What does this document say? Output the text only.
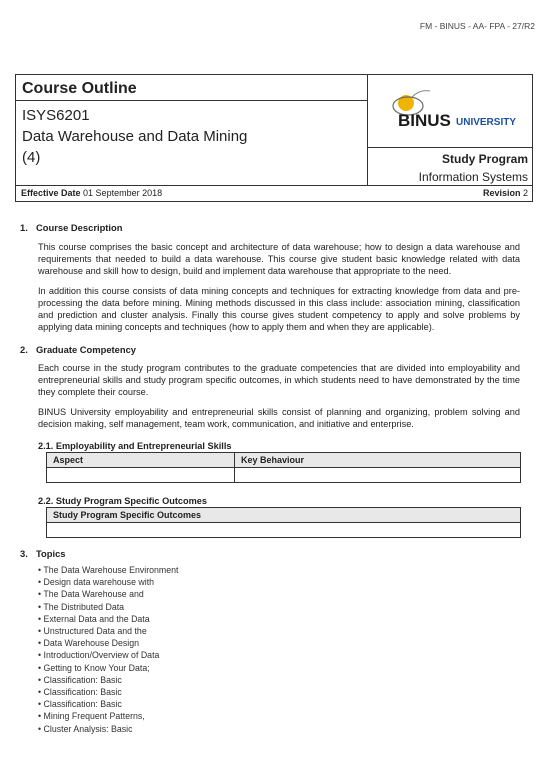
FM - BINUS - AA- FPA - 27/R2
Course Outline
ISYS6201
Data Warehouse and Data Mining
(4)
BINUS UNIVERSITY
Study Program
Information Systems
Effective Date 01 September 2018	Revision 2
1. Course Description

This course comprises the basic concept and architecture of data warehouse; how to design a data warehouse and requirements that needed to build a data warehouse. This course give student basic knowledge related with data warehouse and skill how to design, build and implement data warehouse that appropriate to the need.

In addition this course consists of data mining concepts and techniques for extracting knowledge from data and pre-processing the data before mining. Mining methods discussed in this class include: association mining, classification and prediction and cluster analysis. Finally this course gives student competency to apply and solve problems by applying data mining concepts and techniques (how to apply them and when they are applicable).

2. Graduate Competency

Each course in the study program contributes to the graduate competencies that are divided into employability and entrepreneurial skills and study program specific outcomes, in which students need to have demonstrated by the time they complete their course.

BINUS University employability and entrepreneurial skills consist of planning and organizing, problem solving and decision making, self management, team work, communication, and initiative and enterprise.

2.1. Employability and Entrepreneurial Skills
Aspect	Key Behaviour

2.2. Study Program Specific Outcomes
Study Program Specific Outcomes

3. Topics
• The Data Warehouse Environment
• Design data warehouse with
• The Data Warehouse and
• The Distributed Data
• External Data and the Data
• Unstructured Data and the
• Data Warehouse Design
• Introduction/Overview of Data
• Getting to Know Your Data;
• Classification: Basic
• Classification: Basic
• Classification: Basic
• Mining Frequent Patterns,
• Cluster Analysis: Basic
